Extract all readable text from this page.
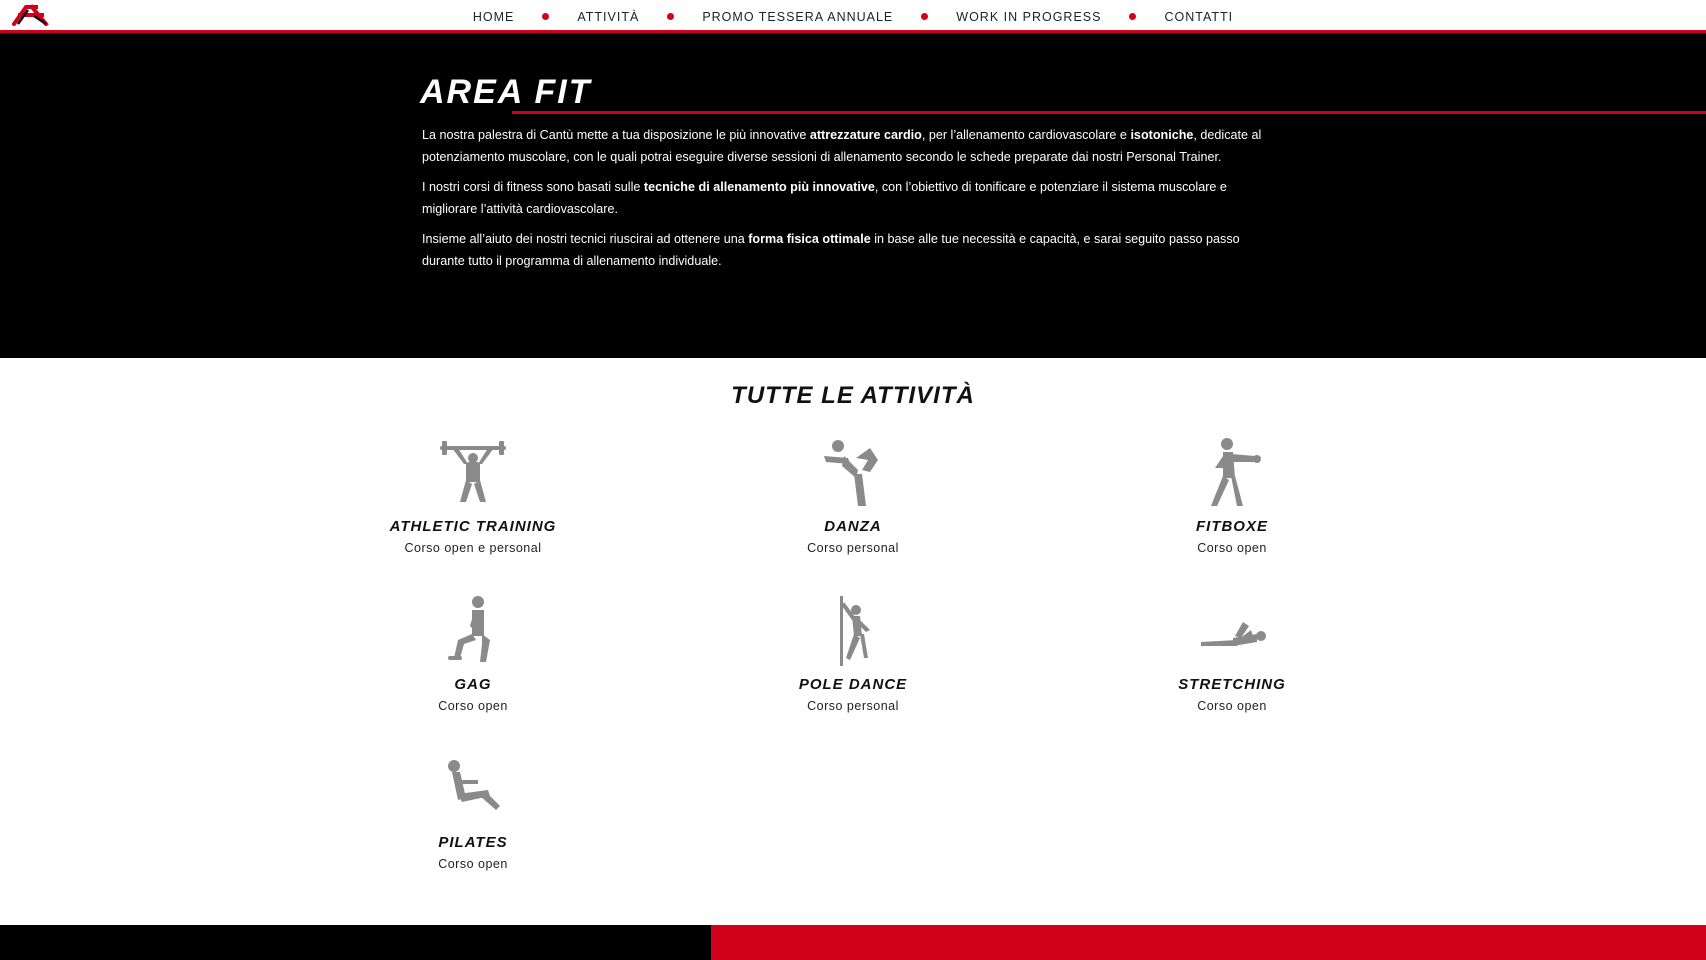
HOME	ATTIVITÀ	PROMO TESSERA ANNUALE	WORK IN PROGRESS	CONTATTI
AREA FIT

La nostra palestra di Cantù mette a tua disposizione le più innovative attrezzature cardio, per l’allenamento cardiovascolare e isotoniche, dedicate al potenziamento muscolare, con le quali potrai eseguire diverse sessioni di allenamento secondo le schede preparate dai nostri Personal Trainer.

I nostri corsi di fitness sono basati sulle tecniche di allenamento più innovative, con l’obiettivo di tonificare e potenziare il sistema muscolare e migliorare l’attività cardiovascolare.

Insieme all’aiuto dei nostri tecnici riuscirai ad ottenere una forma fisica ottimale in base alle tue necessità e capacità, e sarai seguito passo passo durante tutto il programma di allenamento individuale.

TUTTE LE ATTIVITÀ
ATHLETIC TRAINING
Corso open e personal
DANZA
Corso personal
FITBOXE
Corso open
GAG
Corso open
POLE DANCE
Corso personal
STRETCHING
Corso open
PILATES
Corso open
